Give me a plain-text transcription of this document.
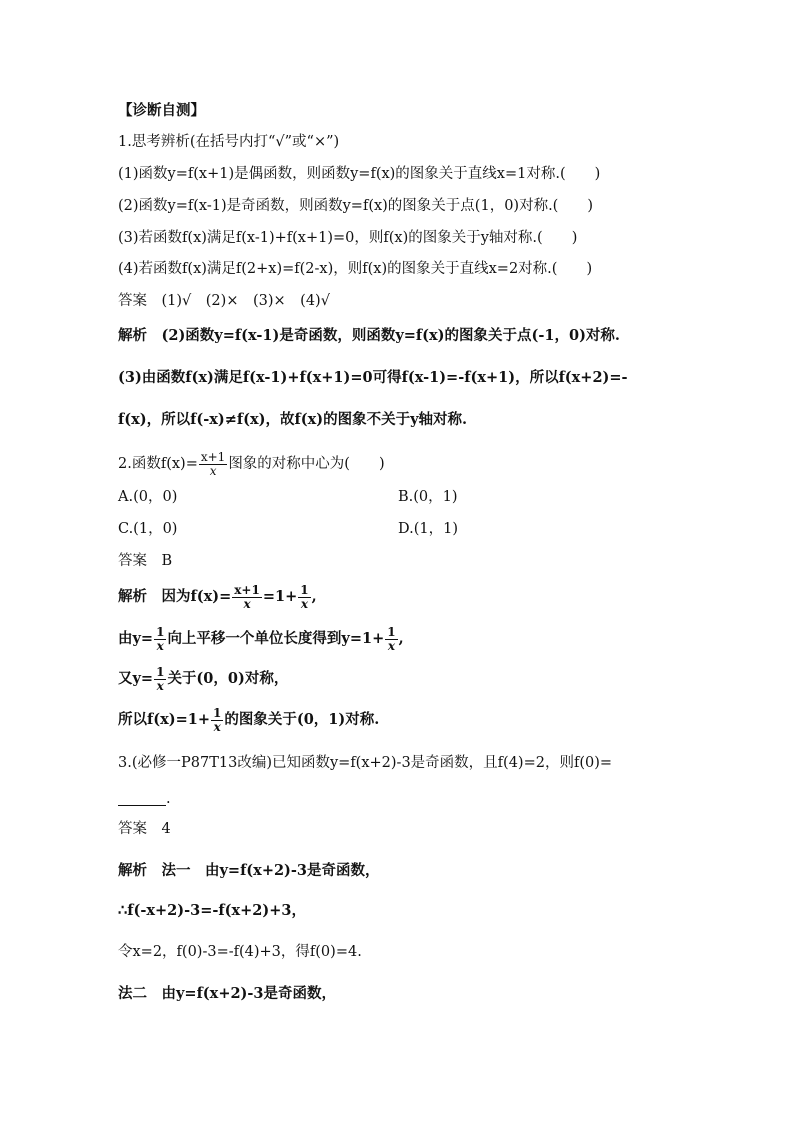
【诊断自测】
1.思考辨析(在括号内打“√”或“×”)
(1)函数y=f(x+1)是偶函数，则函数y=f(x)的图象关于直线x=1对称.(　　)
(2)函数y=f(x-1)是奇函数，则函数y=f(x)的图象关于点(1，0)对称.(　　)
(3)若函数f(x)满足f(x-1)+f(x+1)=0，则f(x)的图象关于y轴对称.(　　)
(4)若函数f(x)满足f(2+x)=f(2-x)，则f(x)的图象关于直线x=2对称.(　　)
答案　(1)√　(2)×　(3)×　(4)√
解析　(2)函数y=f(x-1)是奇函数，则函数y=f(x)的图象关于点(-1，0)对称.
(3)由函数f(x)满足f(x-1)+f(x+1)=0可得f(x-1)=-f(x+1)，所以f(x+2)=-
f(x)，所以f(-x)≠f(x)，故f(x)的图象不关于y轴对称.
2.函数$f(x)= \frac{x+1}{x}$ 图象的对称中心为(　　)
A.(0，0)	B.(0，1)
C.(1，0)	D.(1，1)
答案　B
解析　因为$f(x)= \frac{x+1}{x} =1+ \frac{1}{x}$ ,
由$y= \frac{1}{x}$ 向上平移一个单位长度得到$y=1+ \frac{1}{x}$ ,
又$y= \frac{1}{x}$ 关于(0，0)对称，
所以$f(x)=1+ \frac{1}{x}$ 的图象关于(0，1)对称.
3.(必修一P87T13改编)已知函数y=f(x+2)-3是奇函数，且f(4)=2，则f(0)=
.
答案　4
解析　法一　由y=f(x+2)-3是奇函数，
∴f(-x+2)-3=-f(x+2)+3，
令x=2，f(0)-3=-f(4)+3，得f(0)=4.
法二　由y=f(x+2)-3是奇函数，
